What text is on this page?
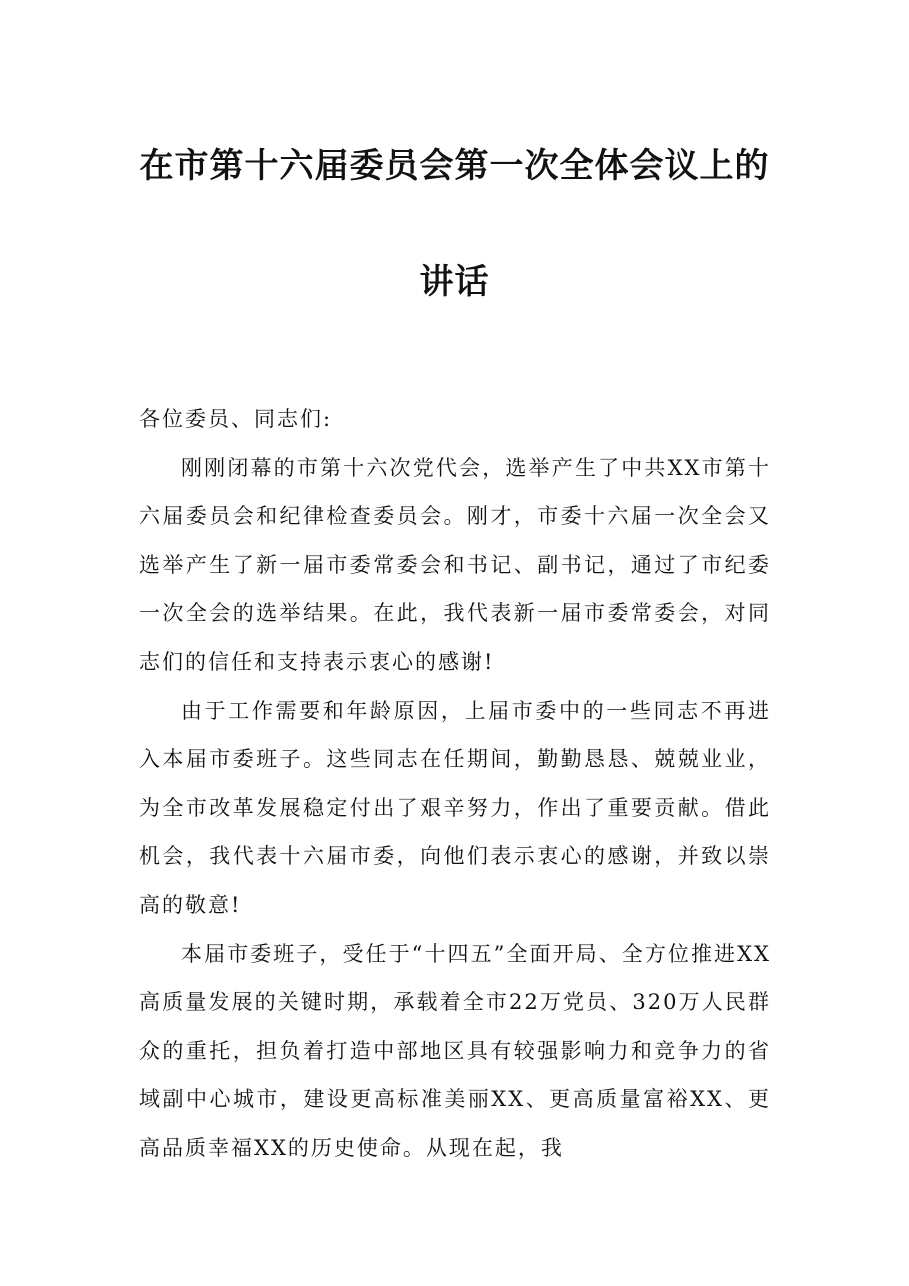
在市第十六届委员会第一次全体会议上的
讲话

各位委员、同志们:

刚刚闭幕的市第十六次党代会，选举产生了中共XX市第十六届委员会和纪律检查委员会。刚才，市委十六届一次全会又选举产生了新一届市委常委会和书记、副书记，通过了市纪委一次全会的选举结果。在此，我代表新一届市委常委会，对同志们的信任和支持表示衷心的感谢!

由于工作需要和年龄原因，上届市委中的一些同志不再进入本届市委班子。这些同志在任期间，勤勤恳恳、兢兢业业，为全市改革发展稳定付出了艰辛努力，作出了重要贡献。借此机会，我代表十六届市委，向他们表示衷心的感谢，并致以崇高的敬意!

本届市委班子，受任于“十四五”全面开局、全方位推进XX高质量发展的关键时期，承载着全市22万党员、320万人民群众的重托，担负着打造中部地区具有较强影响力和竞争力的省域副中心城市，建设更高标准美丽XX、更高质量富裕XX、更高品质幸福XX的历史使命。从现在起，我
